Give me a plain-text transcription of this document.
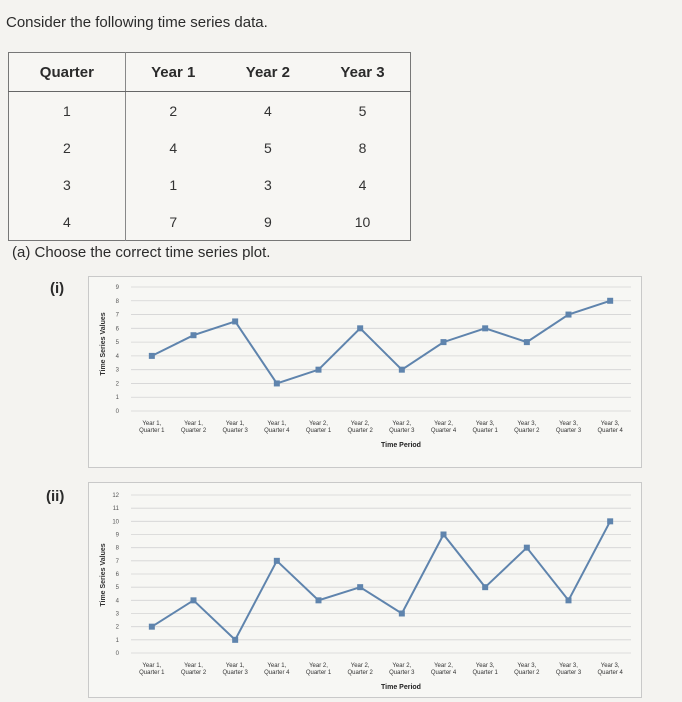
Consider the following time series data.
Quarter	Year 1	Year 2	Year 3
1	2	4	5
2	4	5	8
3	1	3	4
4	7	9	10
(a) Choose the correct time series plot.
(i)
(ii)
0
1
2
3
4
5
6
7
8
9
Time Series Values
Year 1,
Quarter 1
Year 1,
Quarter 2
Year 1,
Quarter 3
Year 1,
Quarter 4
Year 2,
Quarter 1
Year 2,
Quarter 2
Year 2,
Quarter 3
Year 2,
Quarter 4
Year 3,
Quarter 1
Year 3,
Quarter 2
Year 3,
Quarter 3
Year 3,
Quarter 4
Time Period
0
1
2
3
4
5
6
7
8
9
10
11
12
Time Series Values
Year 1,
Quarter 1
Year 1,
Quarter 2
Year 1,
Quarter 3
Year 1,
Quarter 4
Year 2,
Quarter 1
Year 2,
Quarter 2
Year 2,
Quarter 3
Year 2,
Quarter 4
Year 3,
Quarter 1
Year 3,
Quarter 2
Year 3,
Quarter 3
Year 3,
Quarter 4
Time Period
